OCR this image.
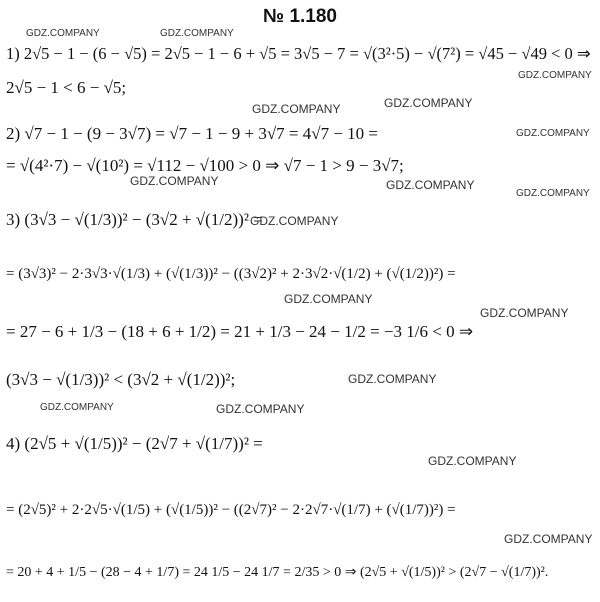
№ 1.180
1) 2√5 − 1 − (6 − √5) = 2√5 − 1 − 6 + √5 = 3√5 − 7 = √(3²·5) − √(7²) = √45 − √49 < 0 ⇒
2√5 − 1 < 6 − √5;
2) √7 − 1 − (9 − 3√7) = √7 − 1 − 9 + 3√7 = 4√7 − 10 =
= √(4²·7) − √(10²) = √112 − √100 > 0 ⇒ √7 − 1 > 9 − 3√7;
3) (3√3 − √(1/3))² − (3√2 + √(1/2))² =
= (3√3)² − 2·3√3·√(1/3) + (√(1/3))² − ((3√2)² + 2·3√2·√(1/2) + (√(1/2))²) =
= 27 − 6 + 1/3 − (18 + 6 + 1/2) = 21 + 1/3 − 24 − 1/2 = −3 1/6 < 0 ⇒
(3√3 − √(1/3))² < (3√2 + √(1/2))²;
4) (2√5 + √(1/5))² − (2√7 + √(1/7))² =
= (2√5)² + 2·2√5·√(1/5) + (√(1/5))² − ((2√7)² − 2·2√7·√(1/7) + (√(1/7))²) =
= 20 + 4 + 1/5 − (28 − 4 + 1/7) = 24 1/5 − 24 1/7 = 2/35 > 0 ⇒ (2√5 + √(1/5))² > (2√7 − √(1/7))².
GDZ.COMPANY	GDZ.COMPANY
GDZ.COMPANY
GDZ.COMPANY	GDZ.COMPANY
GDZ.COMPANY
GDZ.COMPANY	GDZ.COMPANY
GDZ.COMPANY
GDZ.COMPANY
GDZ.COMPANY
GDZ.COMPANY
GDZ.COMPANY
GDZ.COMPANY	GDZ.COMPANY
GDZ.COMPANY
GDZ.COMPANY
